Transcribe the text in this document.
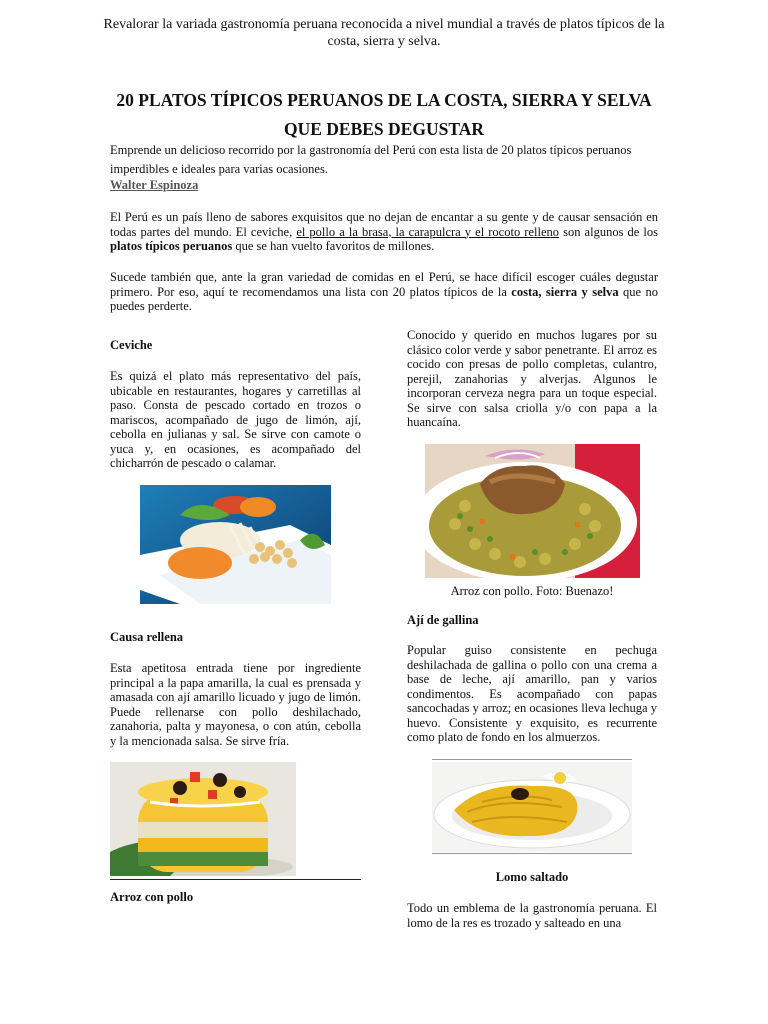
Revalorar la variada gastronomía peruana reconocida a nivel mundial a través de platos típicos de la costa, sierra y selva.
20 PLATOS TÍPICOS PERUANOS DE LA COSTA, SIERRA Y SELVA QUE DEBES DEGUSTAR
Emprende un delicioso recorrido por la gastronomía del Perú con esta lista de 20 platos típicos peruanos imperdibles e ideales para varias ocasiones.
Walter Espinoza
El Perú es un país lleno de sabores exquisitos que no dejan de encantar a su gente y de causar sensación en todas partes del mundo. El ceviche, el pollo a la brasa, la carapulcra y el rocoto relleno son algunos de los platos típicos peruanos que se han vuelto favoritos de millones.
Sucede también que, ante la gran variedad de comidas en el Perú, se hace difícil escoger cuáles degustar primero. Por eso, aquí te recomendamos una lista con 20 platos típicos de la costa, sierra y selva que no puedes perderte.
Ceviche
Es quizá el plato más representativo del país, ubicable en restaurantes, hogares y carretillas al paso. Consta de pescado cortado en trozos o mariscos, acompañado de jugo de limón, ají, cebolla en julianas y sal. Se sirve con camote o yuca y, en ocasiones, es acompañado del chicharrón de pescado o calamar.
Causa rellena
Esta apetitosa entrada tiene por ingrediente principal a la papa amarilla, la cual es prensada y amasada con ají amarillo licuado y jugo de limón. Puede rellenarse con pollo deshilachado, zanahoria, palta y mayonesa, o con atún, cebolla y la mencionada salsa. Se sirve fría.
Arroz con pollo
Conocido y querido en muchos lugares por su clásico color verde y sabor penetrante. El arroz es cocido con presas de pollo completas, culantro, perejil, zanahorias y alverjas. Algunos le incorporan cerveza negra para un toque especial. Se sirve con salsa criolla y/o con papa a la huancaína.
Arroz con pollo. Foto: Buenazo!
Ají de gallina
Popular guiso consistente en pechuga deshilachada de gallina o pollo con una crema a base de leche, ají amarillo, pan y varios condimentos. Es acompañado con papas sancochadas y arroz; en ocasiones lleva lechuga y huevo. Consistente y exquisito, es recurrente como plato de fondo en los almuerzos.
Lomo saltado
Todo un emblema de la gastronomía peruana. El lomo de la res es trozado y salteado en una
